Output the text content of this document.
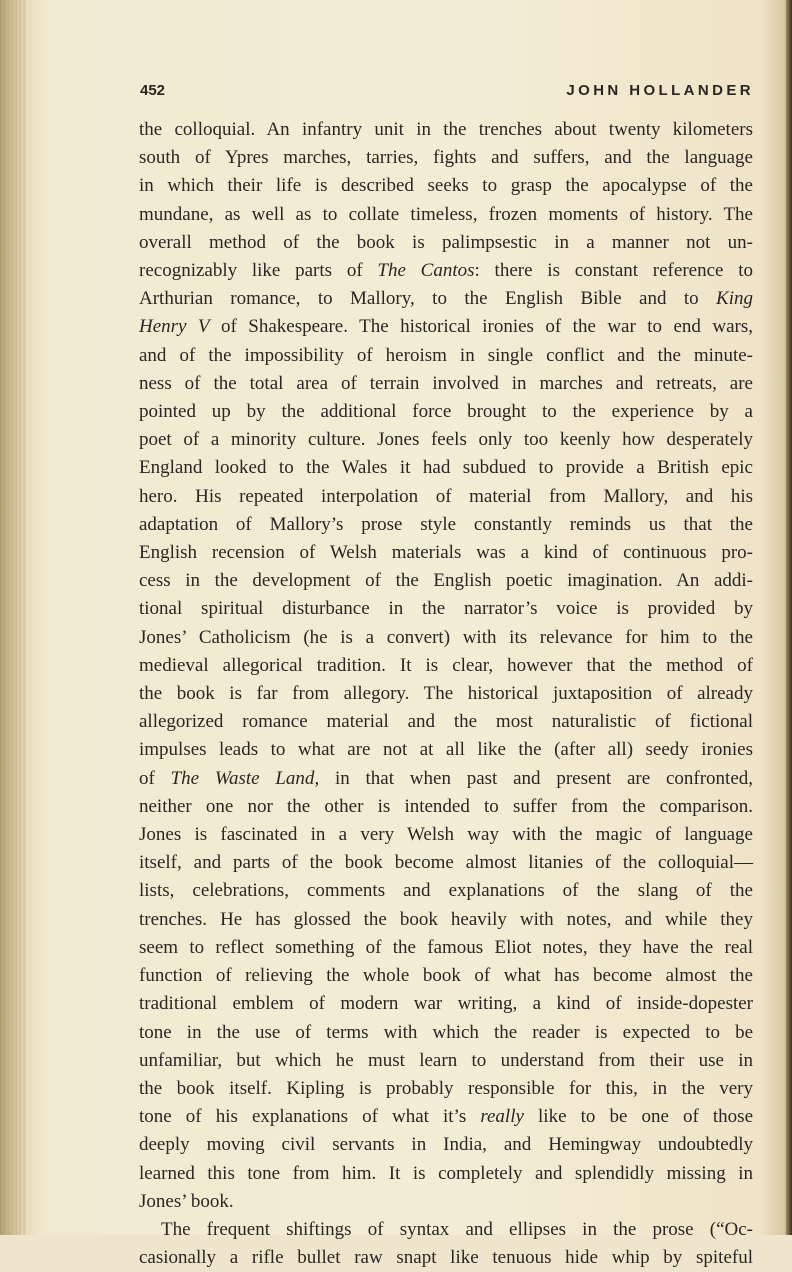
452	JOHN HOLLANDER
the colloquial. An infantry unit in the trenches about twenty kilometers
south of Ypres marches, tarries, fights and suffers, and the language
in which their life is described seeks to grasp the apocalypse of the
mundane, as well as to collate timeless, frozen moments of history. The
overall method of the book is palimpsestic in a manner not un-
recognizably like parts of The Cantos: there is constant reference to
Arthurian romance, to Mallory, to the English Bible and to King
Henry V of Shakespeare. The historical ironies of the war to end wars,
and of the impossibility of heroism in single conflict and the minute-
ness of the total area of terrain involved in marches and retreats, are
pointed up by the additional force brought to the experience by a
poet of a minority culture. Jones feels only too keenly how desperately
England looked to the Wales it had subdued to provide a British epic
hero. His repeated interpolation of material from Mallory, and his
adaptation of Mallory’s prose style constantly reminds us that the
English recension of Welsh materials was a kind of continuous pro-
cess in the development of the English poetic imagination. An addi-
tional spiritual disturbance in the narrator’s voice is provided by
Jones’ Catholicism (he is a convert) with its relevance for him to the
medieval allegorical tradition. It is clear, however that the method of
the book is far from allegory. The historical juxtaposition of already
allegorized romance material and the most naturalistic of fictional
impulses leads to what are not at all like the (after all) seedy ironies
of The Waste Land, in that when past and present are confronted,
neither one nor the other is intended to suffer from the comparison.
Jones is fascinated in a very Welsh way with the magic of language
itself, and parts of the book become almost litanies of the colloquial—
lists, celebrations, comments and explanations of the slang of the
trenches. He has glossed the book heavily with notes, and while they
seem to reflect something of the famous Eliot notes, they have the real
function of relieving the whole book of what has become almost the
traditional emblem of modern war writing, a kind of inside-dopester
tone in the use of terms with which the reader is expected to be
unfamiliar, but which he must learn to understand from their use in
the book itself. Kipling is probably responsible for this, in the very
tone of his explanations of what it’s really like to be one of those
deeply moving civil servants in India, and Hemingway undoubtedly
learned this tone from him. It is completely and splendidly missing in
Jones’ book.
The frequent shiftings of syntax and ellipses in the prose (“Oc-
casionally a rifle bullet raw snapt like tenuous hide whip by spiteful
